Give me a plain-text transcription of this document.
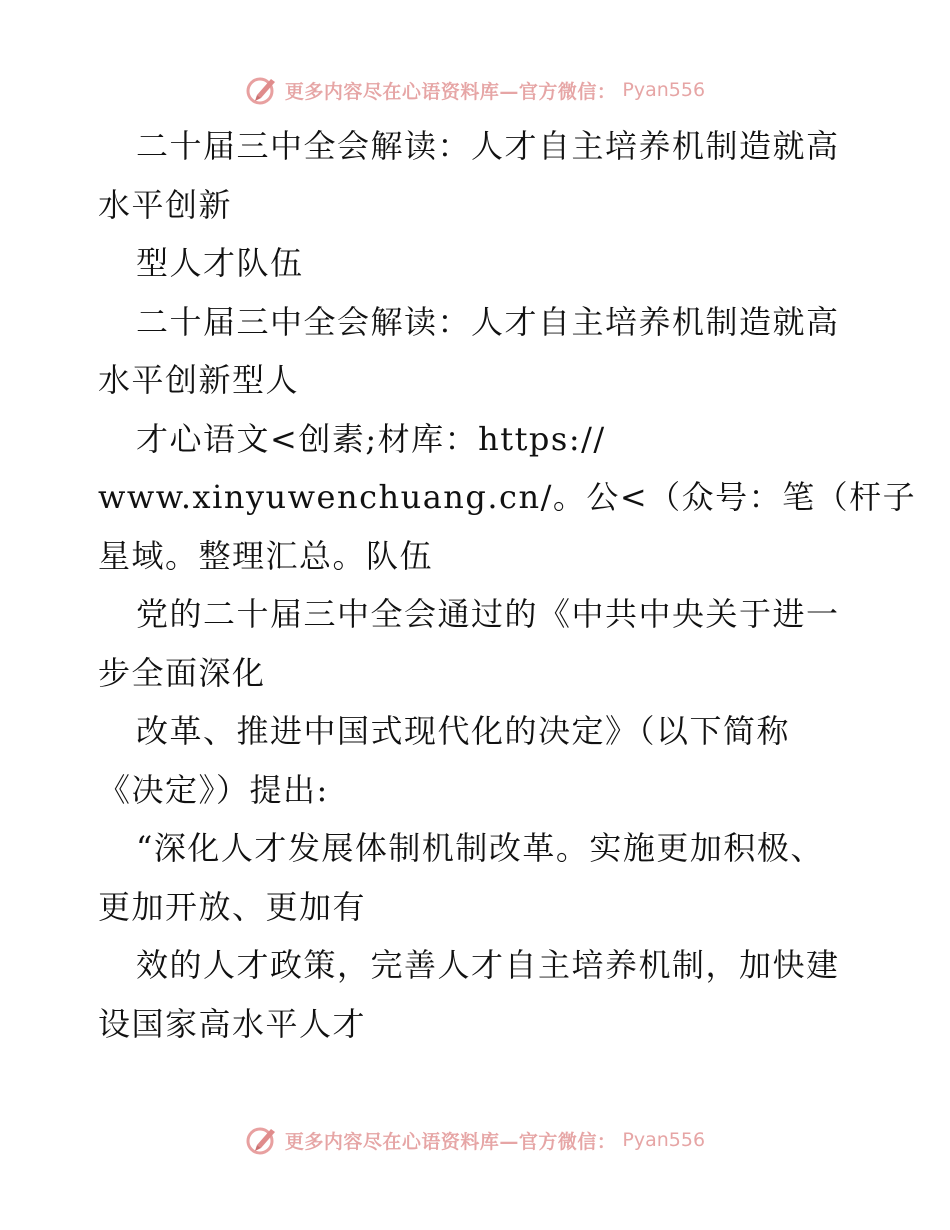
更多内容尽在心语资料库—官方微信： Pyan556
二十届三中全会解读：人才自主培养机制造就高
水平创新
型人才队伍
二十届三中全会解读：人才自主培养机制造就高
水平创新型人
才心语文<创素;材库：https://
www.xinyuwenchuang.cn/。公<（众号：笔（杆子
星域。整理汇总。队伍
党的二十届三中全会通过的《中共中央关于进一
步全面深化
改革、推进中国式现代化的决定》（以下简称
《决定》）提出:
“深化人才发展体制机制改革。实施更加积极、
更加开放、更加有
效的人才政策，完善人才自主培养机制，加快建
设国家高水平人才
更多内容尽在心语资料库—官方微信： Pyan556
